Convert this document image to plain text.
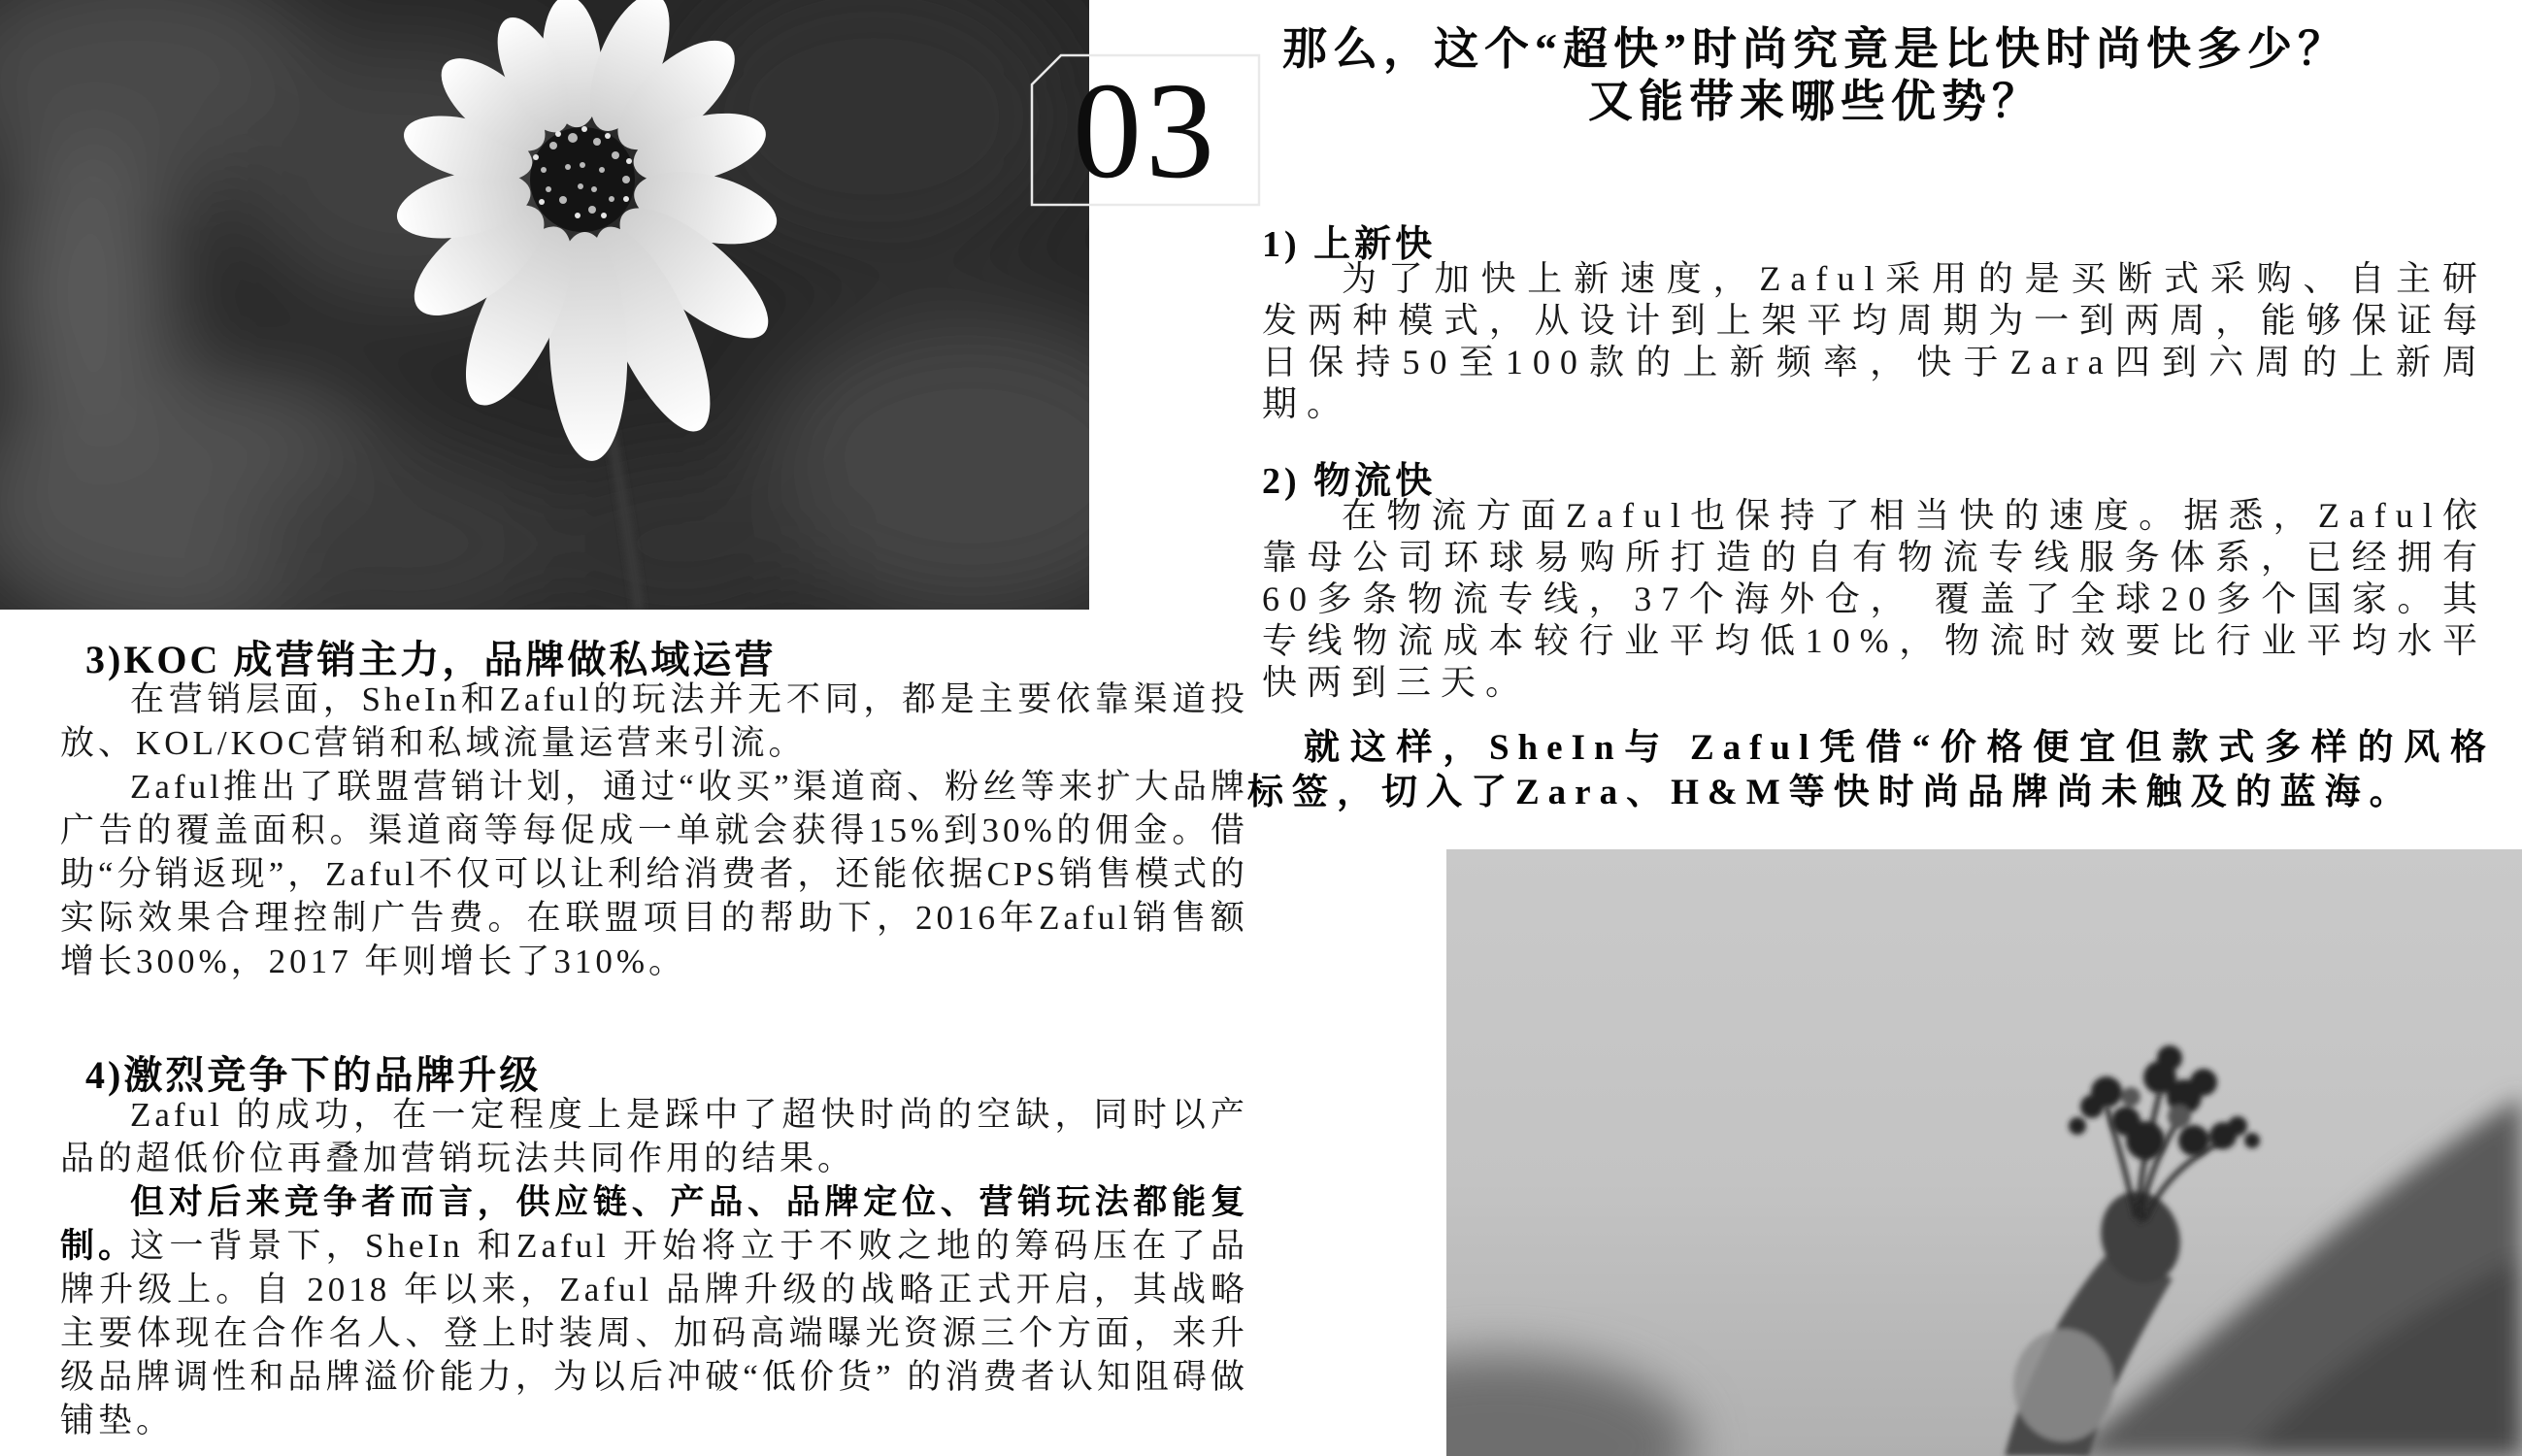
03
那么，这个“超快”时尚究竟是比快时尚快多少？
又能带来哪些优势？
1) 上新快
为了加快上新速度，Zaful采用的是买断式采购、自主研发两种模式，从设计到上架平均周期为一到两周，能够保证每日保持50至100款的上新频率，快于Zara四到六周的上新周期。
2) 物流快
在物流方面Zaful也保持了相当快的速度。据悉，Zaful依靠母公司环球易购所打造的自有物流专线服务体系，已经拥有60多条物流专线，37个海外仓， 覆盖了全球20多个国家。其专线物流成本较行业平均低10%，物流时效要比行业平均水平快两到三天。
就这样，SheIn与 Zaful凭借“价格便宜但款式多样的风格标签，切入了Zara、H&M等快时尚品牌尚未触及的蓝海。
3)KOC 成营销主力，品牌做私域运营
在营销层面，SheIn和Zaful的玩法并无不同，都是主要依靠渠道投放、KOL/KOC营销和私域流量运营来引流。
Zaful推出了联盟营销计划，通过“收买”渠道商、粉丝等来扩大品牌广告的覆盖面积。渠道商等每促成一单就会获得15%到30%的佣金。借助“分销返现”，Zaful不仅可以让利给消费者，还能依据CPS销售模式的实际效果合理控制广告费。在联盟项目的帮助下，2016年Zaful销售额增长300%，2017 年则增长了310%。
4)激烈竞争下的品牌升级
Zaful 的成功，在一定程度上是踩中了超快时尚的空缺，同时以产品的超低价位再叠加营销玩法共同作用的结果。
但对后来竞争者而言，供应链、产品、品牌定位、营销玩法都能复制。
这一背景下，SheIn 和Zaful 开始将立于不败之地的筹码压在了品牌升级上。自 2018 年以来，Zaful 品牌升级的战略正式开启，其战略主要体现在合作名人、登上时装周、加码高端曝光资源三个方面，来升级品牌调性和品牌溢价能力，为以后冲破“低价货” 的消费者认知阻碍做铺垫。
